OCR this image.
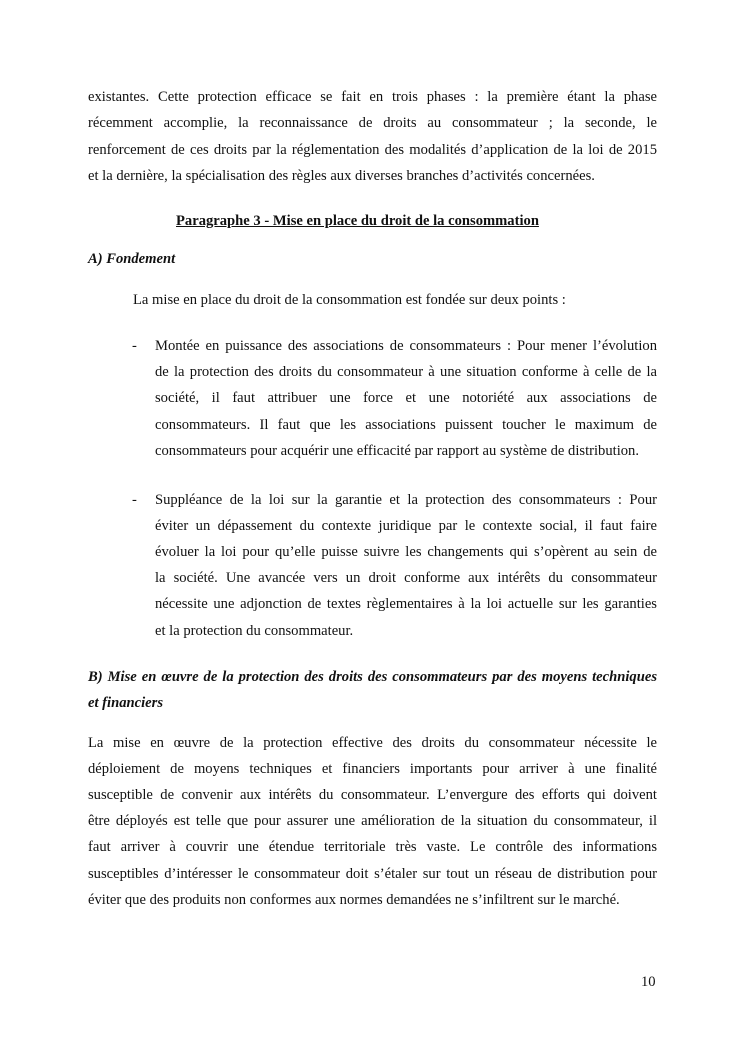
Paragraphe 3 - Mise en place du droit de la consommation
A) Fondement
La mise en place du droit de la consommation est fondée sur deux points :
-
-
10
existantes. Cette protection efficace se fait en trois phases : la première étant la phase
récemment accomplie, la reconnaissance de droits au consommateur ; la seconde, le
renforcement de ces droits par la réglementation des modalités d’application de la loi de 2015
et la dernière, la spécialisation des règles aux diverses branches d’activités concernées.
Montée en puissance des associations de consommateurs : Pour mener l’évolution
de la protection des droits du consommateur à une situation conforme à celle de la
société, il faut attribuer une force et une notoriété aux associations de
consommateurs. Il faut que les associations puissent toucher le maximum de
consommateurs pour acquérir une efficacité par rapport au système de distribution.
Suppléance de la loi sur la garantie et la protection des consommateurs : Pour
éviter un dépassement du contexte juridique par le contexte social, il faut faire
évoluer la loi pour qu’elle puisse suivre les changements qui s’opèrent au sein de
la société. Une avancée vers un droit conforme aux intérêts du consommateur
nécessite une adjonction de textes règlementaires à la loi actuelle sur les garanties
et la protection du consommateur.
B) Mise en œuvre de la protection des droits des consommateurs par des moyens techniques
et financiers
La mise en œuvre de la protection effective des droits du consommateur nécessite le
déploiement de moyens techniques et financiers importants pour arriver à une finalité
susceptible de convenir aux intérêts du consommateur. L’envergure des efforts qui doivent
être déployés est telle que pour assurer une amélioration de la situation du consommateur, il
faut arriver à couvrir une étendue territoriale très vaste. Le contrôle des informations
susceptibles d’intéresser le consommateur doit s’étaler sur tout un réseau de distribution pour
éviter que des produits non conformes aux normes demandées ne s’infiltrent sur le marché.
